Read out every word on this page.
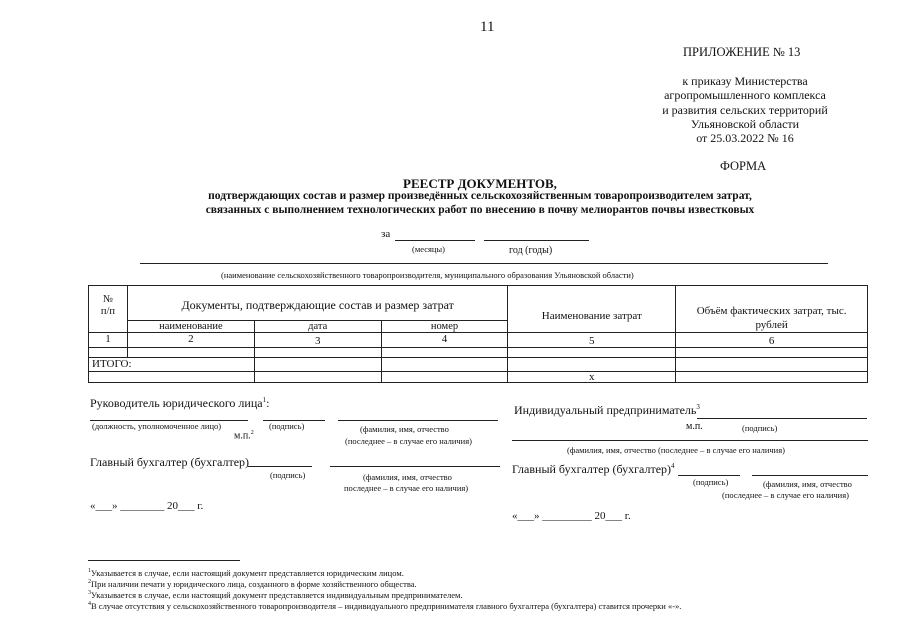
11
ПРИЛОЖЕНИЕ № 13
к приказу Министерства
агропромышленного комплекса
и развития сельских территорий
Ульяновской области
от 25.03.2022 № 16
ФОРМА
РЕЕСТР ДОКУМЕНТОВ,
подтверждающих состав и размер произведённых сельскохозяйственным товаропроизводителем затрат,
связанных с выполнением технологических работ по внесению в почву мелиорантов почвы известковых
за
(месяцы)	год (годы)
(наименование сельскохозяйственного товаропроизводителя, муниципального образования Ульяновской области)
№
п/п	Документы, подтверждающие состав и размер затрат			Наименование затрат	Объём фактических затрат, тыс. рублей
	наименование	дата	номер		
1	2	3	4	5	6

ИТОГО:					
				х	
Руководитель юридического лица$^1$:
(должность, уполномоченное лицо)	(подпись)	(фамилия, имя, отчество
м.п.$^2$
(последнее – в случае его наличия)
Главный бухгалтер (бухгалтер)
(подпись)	(фамилия, имя, отчество
последнее – в случае его наличия)
«___» ________ 20___ г.
Индивидуальный предприниматель$^3$
м.п.	(подпись)
(фамилия, имя, отчество (последнее – в случае его наличия)
Главный бухгалтер (бухгалтер)$^4$
(подпись)	(фамилия, имя, отчество
(последнее – в случае его наличия)
«___» _________ 20___ г.
$^1$Указывается в случае, если настоящий документ представляется юридическим лицом.
$^2$При наличии печати у юридического лица, созданного в форме хозяйственного общества.
$^3$Указывается в случае, если настоящий документ представляется индивидуальным предпринимателем.
$^4$В случае отсутствия у сельскохозяйственного товаропроизводителя – индивидуального предпринимателя главного бухгалтера (бухгалтера) ставится прочерки «-».
